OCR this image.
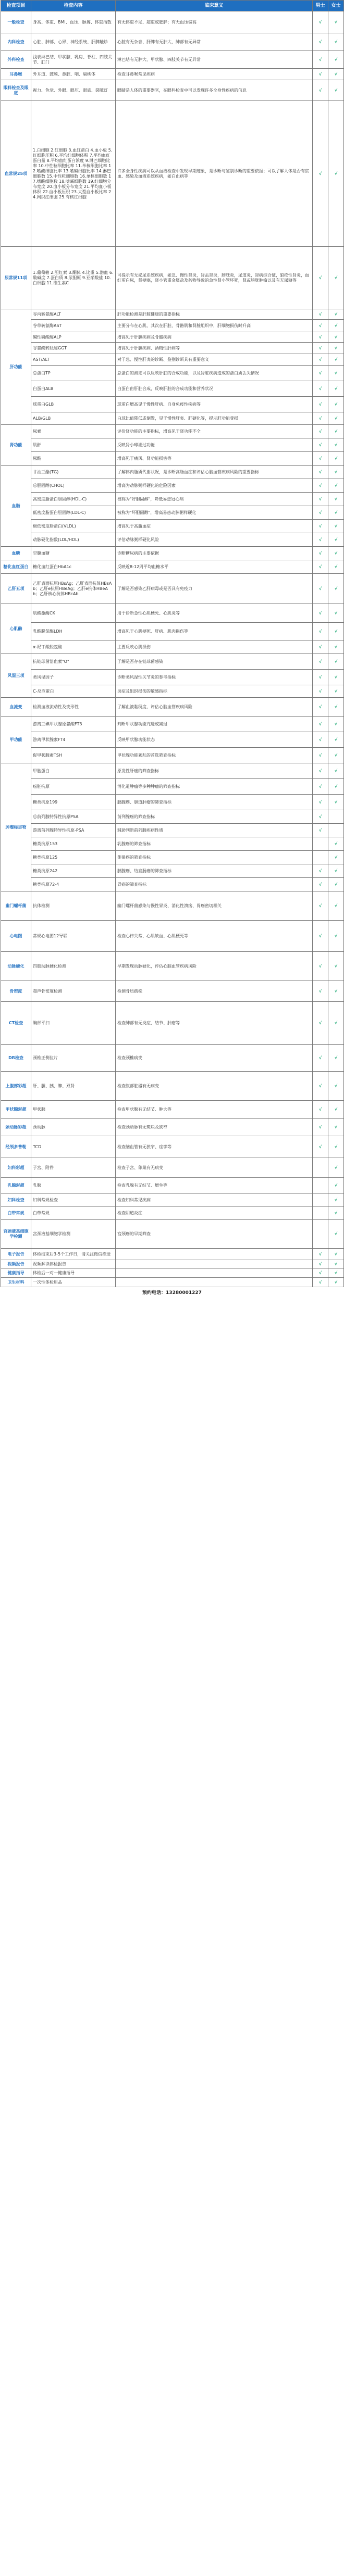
检查项目	检查内容	临床意义	男士	女士
一般检查	身高、体重、BMI、血压、脉搏、体重指数	有无体重不足、超重或肥胖；有无血压偏高	√	√
内科检查	心脏、肺部、心界、神经系统、肝脾触诊	心脏有无杂音、肝脾有无肿大，肺部有无异常	√	√
外科检查	浅表淋巴结、甲状腺、乳房、脊柱、四肢关节、肛门	淋巴结有无肿大、甲状腺、四肢关节有无异常	√	√
耳鼻喉	外耳道、鼓膜、鼻腔、咽、扁桃体	检查耳鼻喉常见疾病	√	√
眼科检查及眼底	视力、色觉、外眼、眼压、眼底、裂隙灯	眼睛是人体的重要器官，在眼科检查中可以发现许多全身性疾病的信息	√	√
血常规25项	1.白细胞 2.红细胞 3.血红蛋白 4.血小板 5.红细胞压积 6.平均红细胞体积 7.平均血红蛋白量 8.平均血红蛋白浓度 9.淋巴细胞比率 10.中性粒细胞比率 11.单核细胞比率 12.嗜酸细胞比率 13.嗜碱细胞比率 14.淋巴细胞数 15.中性粒细胞数 16.单核细胞数 17.嗜酸细胞数 18.嗜碱细胞数 19.红细胞分布宽度 20.血小板分布宽度 21.平均血小板体积 22.血小板压积 23.大型血小板比率 24.网织红细胞 25.有核红细胞	许多全身性疾病可以从血液检查中发现早期迹象，是诊断与鉴别诊断的重要依据；可以了解人体是否有贫血、感染及血液系统疾病，如白血病等	√	√
尿常规11项	1.葡萄糖 2.胆红素 3.酮体 4.比重 5.潜血 6.酸碱度 7.蛋白质 8.尿胆原 9.亚硝酸盐 10.白细胞 11.维生素C	可提示有无泌尿系统疾病，如急、慢性肾炎，肾盂肾炎，膀胱炎，尿道炎，肾病综合征，狼疮性肾炎，血红蛋白尿，肾梗塞，肾小管重金属盐及药物导致的急性肾小管坏死，肾或膀胱肿瘤以及有无尿糖等	√	√
肝功能	谷丙转氨酶ALT	肝功能检测是肝脏健康的重要指标	√	√
	谷草转氨酶AST	主要分布在心肌，其次在肝脏、骨骼肌和肾脏组织中，肝细胞损伤时升高	√	√
	碱性磷酸酶ALP	增高见于肝胆疾病及骨骼疾病	√	√
	谷氨酰转肽酶GGT	增高见于肝胆疾病、酒精性肝病等	√	√
	AST/ALT	对于急、慢性肝炎的诊断、鉴别诊断具有重要意义	√	√
	总蛋白TP	总蛋白的测定可以反映肝脏的合成功能，以及肾脏疾病造成的蛋白质丢失情况	√	√
	白蛋白ALB	白蛋白由肝脏合成，反映肝脏的合成功能和营养状况	√	√
	球蛋白GLB	球蛋白增高见于慢性肝病、自身免疫性疾病等	√	√
	ALB/GLB	白球比值降低或倒置，见于慢性肝炎、肝硬化等，提示肝功能受损	√	√
肾功能	尿素	评价肾功能的主要指标，增高见于肾功能不全	√	√
	肌酐	反映肾小球滤过功能	√	√
	尿酸	增高见于痛风、肾功能损害等	√	√
血脂	甘油三酯(TG)	了解体内脂质代谢状况，是诊断高脂血症和评估心脑血管疾病风险的重要指标	√	√
	总胆固醇(CHOL)	增高为动脉粥样硬化的危险因素	√	√
	高密度脂蛋白胆固醇(HDL-C)	被称为"好胆固醇"，降低易患冠心病	√	√
	低密度脂蛋白胆固醇(LDL-C)	被称为"坏胆固醇"，增高易患动脉粥样硬化	√	√
	极低密度脂蛋白(VLDL)	增高见于高脂血症	√	√
	动脉硬化指数(LDL/HDL)	评估动脉粥样硬化风险	√	√
血糖	空腹血糖	诊断糖尿病的主要依据	√	√
糖化血红蛋白	糖化血红蛋白HbA1c	反映近8-12周平均血糖水平	√	√
乙肝五项	乙肝表面抗原HBsAg；乙肝表面抗体HBsAb；乙肝e抗原HBeAg；乙肝e抗体HBeAb；乙肝核心抗体HBcAb	了解是否感染乙肝病毒或是否具有免疫力	√	√
心肌酶	肌酸激酶CK	用于诊断急性心肌梗死、心肌炎等	√	√
	乳酸脱氢酶LDH	增高见于心肌梗死、肝病、肌肉损伤等	√	√
	α-羟丁酸脱氢酶	主要反映心肌损伤	√	√
风湿三项	抗链球菌溶血素"O"	了解是否存在链球菌感染	√	√
	类风湿因子	诊断类风湿性关节炎的参考指标	√	√
	C-反应蛋白	炎症及组织损伤的敏感指标	√	√
血流变	检测血液流动性及变形性	了解血液黏稠度，评估心脑血管疾病风险	√	√
甲功能	游离三碘甲状腺原氨酸FT3	判断甲状腺功能亢进或减退	√	√
	游离甲状腺素FT4	反映甲状腺功能状态	√	√
	促甲状腺素TSH	甲状腺功能紊乱的首选筛查指标	√	√
肿瘤标志物	甲胎蛋白	原发性肝癌的筛查指标	√	√
	癌胚抗原	消化道肿瘤等多种肿瘤的筛查指标	√	√
	糖类抗原199	胰腺癌、胆道肿瘤的筛查指标	√	√
	总前列腺特异性抗原PSA	前列腺癌的筛查指标	√	
	游离前列腺特异性抗原-PSA	辅助判断前列腺疾病性质	√	
	糖类抗原153	乳腺癌的筛查指标		√
	糖类抗原125	卵巢癌的筛查指标		√
	糖类抗原242	胰腺癌、结直肠癌的筛查指标	√	√
	糖类抗原72-4	胃癌的筛查指标	√	√
幽门螺杆菌	抗体检测	幽门螺杆菌感染与慢性胃炎、消化性溃疡、胃癌密切相关	√	√
心电图	常规心电图12导联	检查心律失常、心肌缺血、心肌梗死等	√	√
动脉硬化	四肢动脉硬化检测	早期发现动脉硬化，评估心脑血管疾病风险	√	√
骨密度	超声骨密度检测	检测骨质疏松	√	√
CT检查	胸部平扫	检查肺部有无炎症、结节、肿瘤等	√	√
DR检查	颈椎正侧位片	检查颈椎病变	√	√
上腹部彩超	肝、胆、胰、脾、双肾	检查腹部脏器有无病变	√	√
甲状腺彩超	甲状腺	检查甲状腺有无结节、肿大等	√	√
颈动脉彩超	颈动脉	检查颈动脉有无斑块及狭窄	√	√
经颅多普勒	TCD	检查脑血管有无狭窄、痉挛等	√	√
妇科彩超	子宫、附件	检查子宫、卵巢有无病变		√
乳腺彩超	乳腺	检查乳腺有无结节、增生等		√
妇科检查	妇科常规检查	检查妇科常见疾病		√
白带常规	白带常规	检查阴道炎症		√
宫颈液基细胞学检测	宫颈液基细胞学检测	宫颈癌的早期筛查		√
电子报告	体检结束后3-5个工作日，请关注微信推送		√	√
视频报告	视频解读体检报告		√	√
健康指导	体检后一对一健康指导		√	√
卫生材料	一次性体检用品		√	√
预约电话：13280001227
